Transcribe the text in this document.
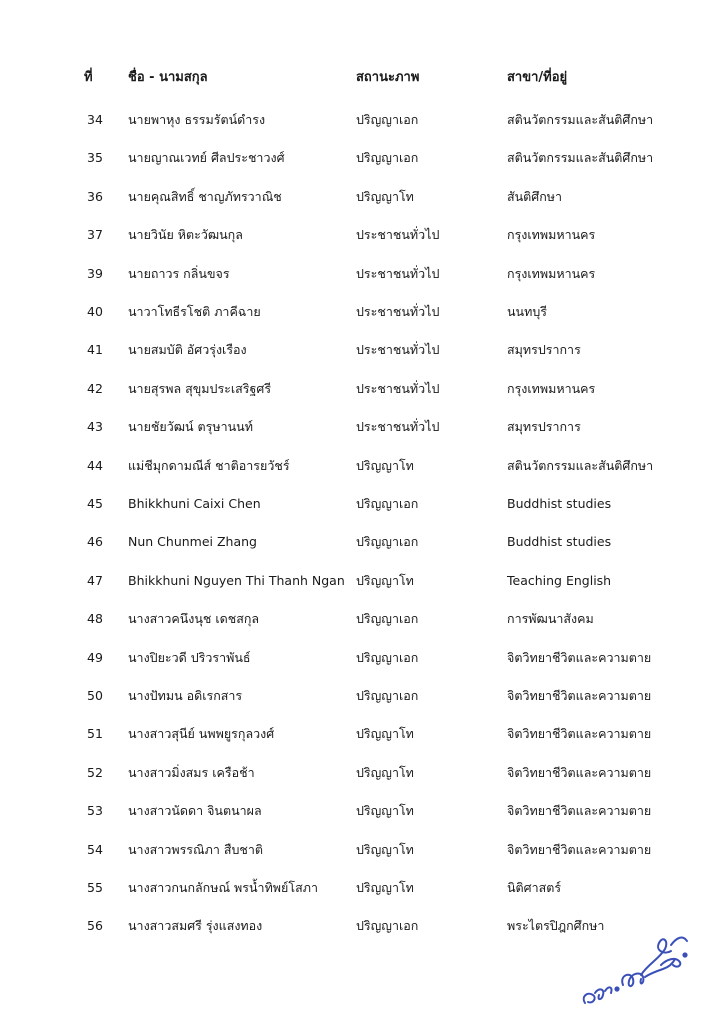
ที่	ชื่อ - นามสกุล	สถานะภาพ	สาขา/ที่อยู่
34	นายพาหุง ธรรมรัตน์ดำรง	ปริญญาเอก	สตินวัตกรรมและสันติศึกษา
35	นายญาณเวทย์ ศีลประชาวงศ์	ปริญญาเอก	สตินวัตกรรมและสันติศึกษา
36	นายคุณสิทธิ์ ชาญภัทรวาณิช	ปริญญาโท	สันติศึกษา
37	นายวินัย หิตะวัฒนกุล	ประชาชนทั่วไป	กรุงเทพมหานคร
39	นายถาวร กลิ่นขจร	ประชาชนทั่วไป	กรุงเทพมหานคร
40	นาวาโทธีรโชติ ภาคีฉาย	ประชาชนทั่วไป	นนทบุรี
41	นายสมบัติ อัศวรุ่งเรือง	ประชาชนทั่วไป	สมุทรปราการ
42	นายสุรพล สุขุมประเสริฐศรี	ประชาชนทั่วไป	กรุงเทพมหานคร
43	นายชัยวัฒน์ ตรุษานนท์	ประชาชนทั่วไป	สมุทรปราการ
44	แม่ชีมุกดามณีส์ ชาติอารยวัชร์	ปริญญาโท	สตินวัตกรรมและสันติศึกษา
45	Bhikkhuni Caixi Chen	ปริญญาเอก	Buddhist studies
46	Nun Chunmei Zhang	ปริญญาเอก	Buddhist studies
47	Bhikkhuni Nguyen Thi Thanh Ngan ปริญญาโท	Teaching English
48	นางสาวคนึงนุช เดชสกุล	ปริญญาเอก	การพัฒนาสังคม
49	นางปิยะวดี ปริวราพันธ์	ปริญญาเอก	จิตวิทยาชีวิตและความตาย
50	นางปัทมน อดิเรกสาร	ปริญญาเอก	จิตวิทยาชีวิตและความตาย
51	นางสาวสุนีย์ นพพยูรกุลวงศ์	ปริญญาโท	จิตวิทยาชีวิตและความตาย
52	นางสาวมิ่งสมร เครือช้า	ปริญญาโท	จิตวิทยาชีวิตและความตาย
53	นางสาวนัดดา จินตนาผล	ปริญญาโท	จิตวิทยาชีวิตและความตาย
54	นางสาวพรรณิภา สืบชาติ	ปริญญาโท	จิตวิทยาชีวิตและความตาย
55	นางสาวกนกลักษณ์ พรน้ำทิพย์โสภา	ปริญญาโท	นิติศาสตร์
56	นางสาวสมศรี รุ่งแสงทอง	ปริญญาเอก	พระไตรปิฎกศึกษา
